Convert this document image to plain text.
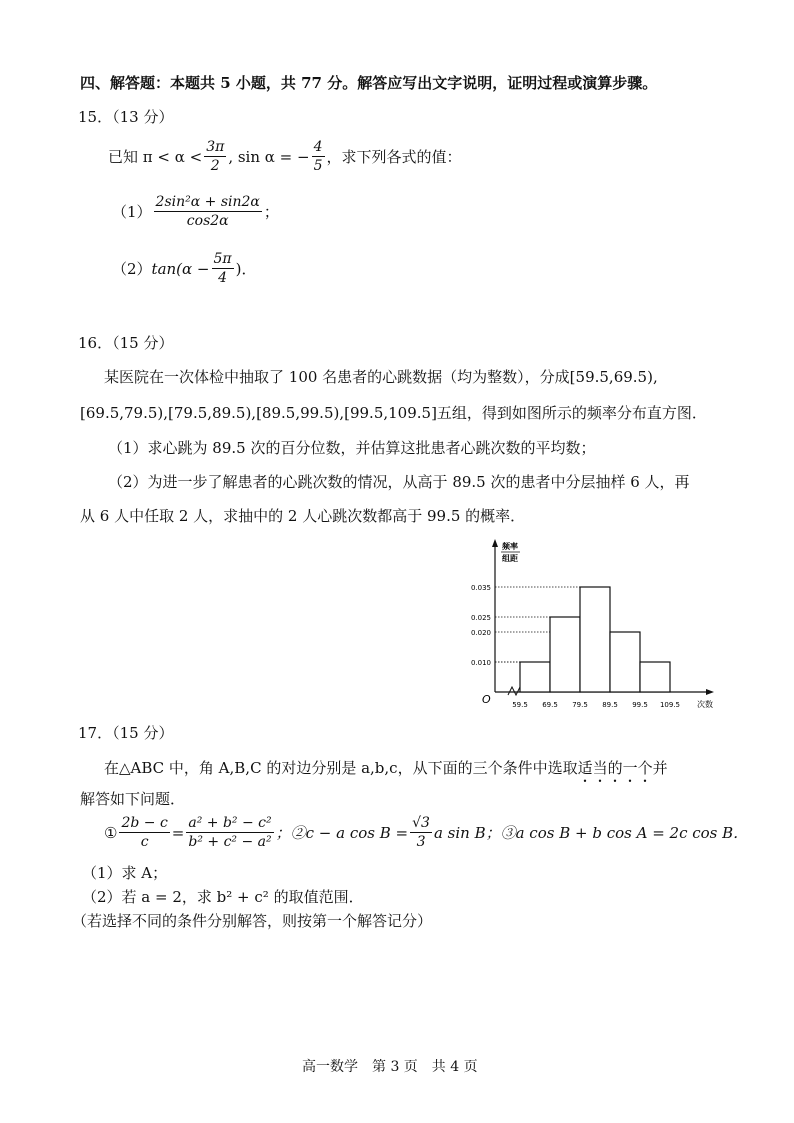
四、解答题：本题共 5 小题，共 77 分。解答应写出文字说明，证明过程或演算步骤。
15．（13 分）
已知 $\pi < \alpha < \frac{3\pi}{2}$ , sin α = − $\frac{4}{5}$ ，求下列各式的值：
$(1) \frac{\text{2sin²α + sin2α}}{\cos 2\alpha}$ ；
（2） $\tan(\alpha - \frac{5\pi}{4}$ )．
16．（15 分）
某医院在一次体检中抽取了 100 名患者的心跳数据（均为整数），分成[59.5,69.5),
[69.5,79.5),[79.5,89.5),[89.5,99.5),[99.5,109.5]五组，得到如图所示的频率分布直方图．
（1）求心跳为 89.5 次的百分位数，并估算这批患者心跳次数的平均数；
（2）为进一步了解患者的心跳次数的情况，从高于 89.5 次的患者中分层抽样 6 人，再
从 6 人中任取 2 人，求抽中的 2 人心跳次数都高于 99.5 的概率．
频率
组距
O	次数
0.035
0.025
0.020
0.010
59.5 69.5 79.5 89.5 99.5 109.5
17．（15 分）
在△ABC 中，角 A,B,C 的对边分别是 a,b,c，从下面的三个条件中选取适当的一个并
解答如下问题．
① $\frac{2b - c}{c} = \frac{\text{a² + b² − c²}}{\text{b² + c² − a²}}$ ；②c − a $\cos B = \frac{√3}{3}$ a sin B；③a cos B + b cos A = 2c cos B．
（1）求 A；
（2）若 a = 2，求 b² + c² 的取值范围．
（若选择不同的条件分别解答，则按第一个解答记分）
高一数学　第 3 页　共 4 页
